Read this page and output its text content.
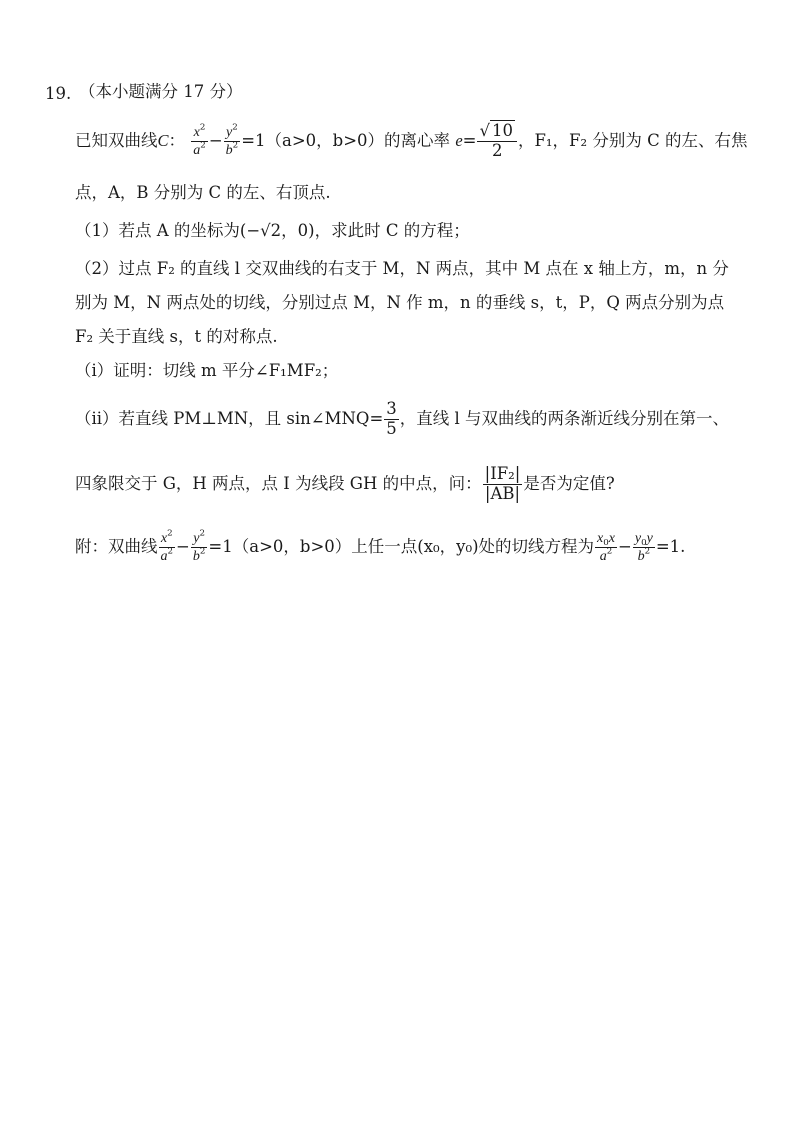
19. （本小题满分 17 分）
已知双曲线C： $\frac{x^2}{a^2} - \frac{y^2}{b^2} =1(a>0$，b>0）的离心率 $e= \frac{√ 10}{2}$ ，F₁，F₂ 分别为 C 的左、右焦
点，A，B 分别为 C 的左、右顶点.
（1）若点 A 的坐标为(−√2，0)，求此时 C 的方程；
（2）过点 F₂ 的直线 l 交双曲线的右支于 M，N 两点，其中 M 点在 x 轴上方，m，n 分
别为 M，N 两点处的切线，分别过点 M，N 作 m，n 的垂线 s，t，P，Q 两点分别为点
F₂ 关于直线 s，t 的对称点.
（i）证明：切线 m 平分∠F₁MF₂；
（ii）若直线 PM⊥MN，且 sin∠MNQ= $\frac{3}{5}$ ，直线 l 与双曲线的两条渐近线分别在第一、
四象限交于 G，H 两点，点 I 为线段 GH 的中点，问： $\frac{\text{|IF₂|}}{|AB|}$ 是否为定值?
附：双曲线 $\frac{x^2}{a^2} - \frac{y^2}{b^2} =1(a>0$，b>0）上任一点(x₀，y₀)处的切线方程为 $\frac{x_0x}{a^2} - \frac{y_0y}{b^2} =1$.
